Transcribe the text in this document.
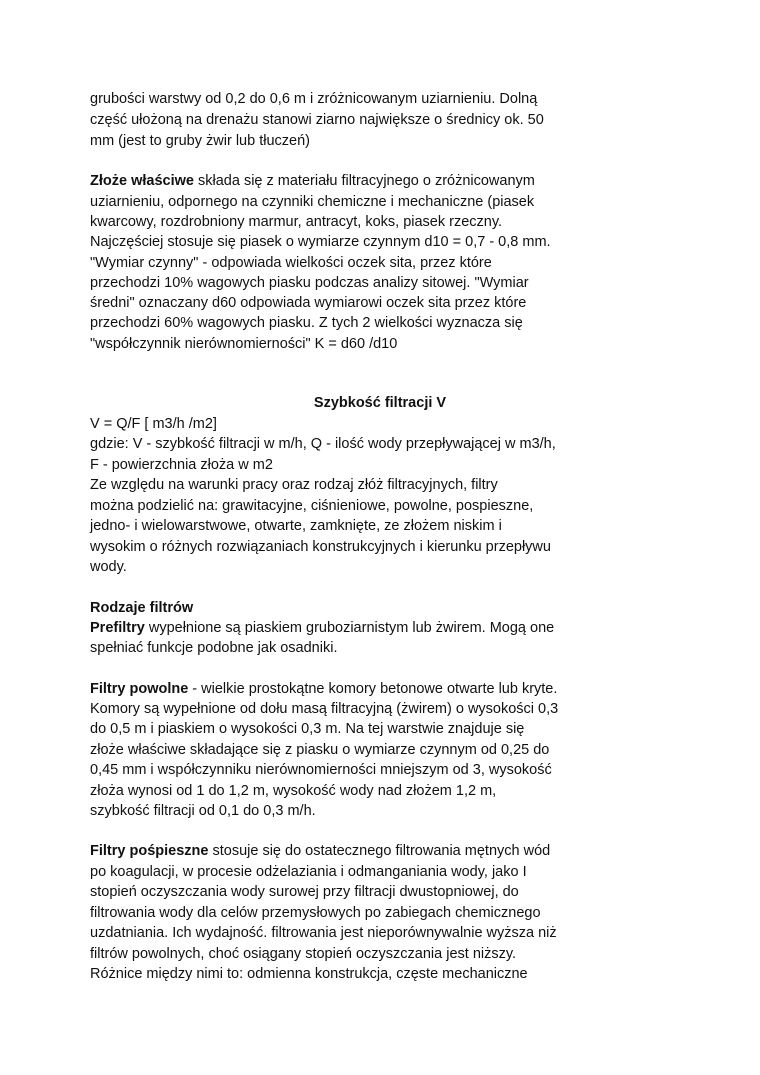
grubości warstwy od 0,2 do 0,6 m i zróżnicowanym uziarnieniu. Dolną
część ułożoną na drenażu stanowi ziarno największe o średnicy ok. 50
mm (jest to gruby żwir lub tłuczeń)
Złoże właściwe składa się z materiału filtracyjnego o zróżnicowanym
uziarnieniu, odpornego na czynniki chemiczne i mechaniczne (piasek
kwarcowy, rozdrobniony marmur, antracyt, koks, piasek rzeczny.
Najczęściej stosuje się piasek o wymiarze czynnym d10 = 0,7 - 0,8 mm.
"Wymiar czynny" - odpowiada wielkości oczek sita, przez które
przechodzi 10% wagowych piasku podczas analizy sitowej. "Wymiar
średni" oznaczany d60 odpowiada wymiarowi oczek sita przez które
przechodzi 60% wagowych piasku. Z tych 2 wielkości wyznacza się
"współczynnik nierównomierności" K = d60 /d10
Szybkość filtracji V
V = Q/F [ m3/h /m2]
gdzie: V - szybkość filtracji w m/h, Q - ilość wody przepływającej w m3/h,
F - powierzchnia złoża w m2
Ze względu na warunki pracy oraz rodzaj złóż filtracyjnych, filtry
można podzielić na: grawitacyjne, ciśnieniowe, powolne, pospieszne,
jedno- i wielowarstwowe, otwarte, zamknięte, ze złożem niskim i
wysokim o różnych rozwiązaniach konstrukcyjnych i kierunku przepływu
wody.
Rodzaje filtrów
Prefiltry wypełnione są piaskiem gruboziarnistym lub żwirem. Mogą one
spełniać funkcje podobne jak osadniki.
Filtry powolne - wielkie prostokątne komory betonowe otwarte lub kryte.
Komory są wypełnione od dołu masą filtracyjną (żwirem) o wysokości 0,3
do 0,5 m i piaskiem o wysokości 0,3 m. Na tej warstwie znajduje się
złoże właściwe składające się z piasku o wymiarze czynnym od 0,25 do
0,45 mm i współczynniku nierównomierności mniejszym od 3, wysokość
złoża wynosi od 1 do 1,2 m, wysokość wody nad złożem 1,2 m,
szybkość filtracji od 0,1 do 0,3 m/h.
Filtry pośpieszne stosuje się do ostatecznego filtrowania mętnych wód
po koagulacji, w procesie odżelaziania i odmanganiania wody, jako I
stopień oczyszczania wody surowej przy filtracji dwustopniowej, do
filtrowania wody dla celów przemysłowych po zabiegach chemicznego
uzdatniania. Ich wydajność. filtrowania jest nieporównywalnie wyższa niż
filtrów powolnych, choć osiągany stopień oczyszczania jest niższy.
Różnice między nimi to: odmienna konstrukcja, częste mechaniczne
